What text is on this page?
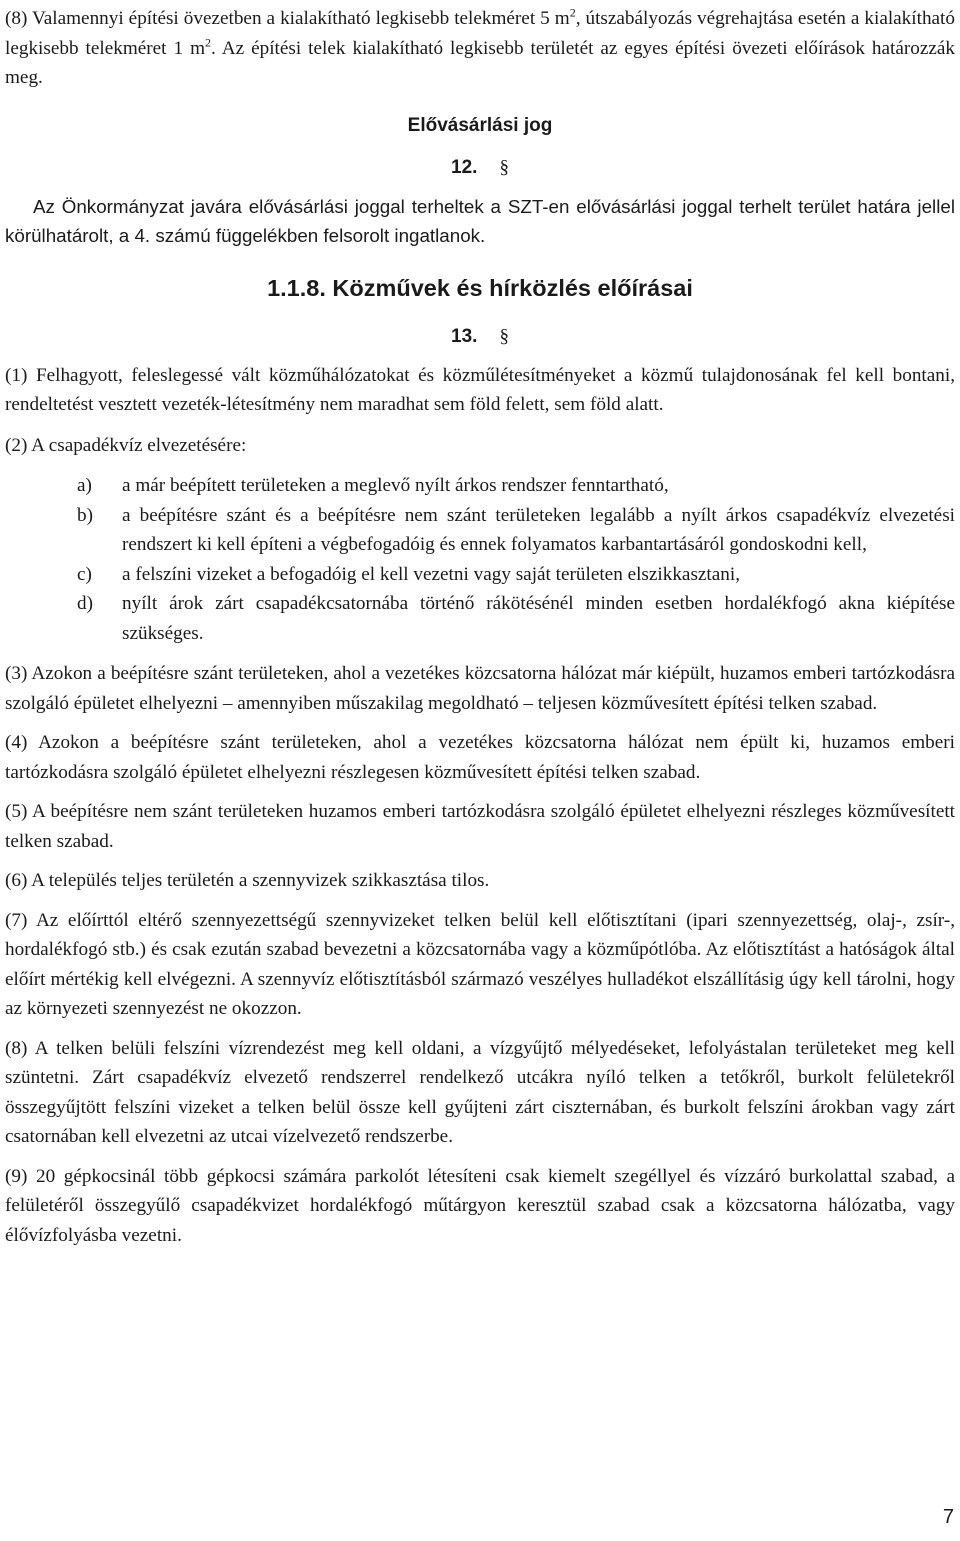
(8) Valamennyi építési övezetben a kialakítható legkisebb telekméret 5 $m^2$, útszabályozás végrehajtása esetén a kialakítható legkisebb telekméret 1 $m^2$. Az építési telek kialakítható legkisebb területét az egyes építési övezeti előírások határozzák meg.

Elővásárlási jog
12. §

Az Önkormányzat javára elővásárlási joggal terheltek a SZT-en elővásárlási joggal terhelt terület határa jellel körülhatárolt, a 4. számú függelékben felsorolt ingatlanok.

1.1.8. Közművek és hírközlés előírásai
13. §

(1) Felhagyott, feleslegessé vált közműhálózatokat és közműlétesítményeket a közmű tulajdonosának fel kell bontani, rendeltetést vesztett vezeték-létesítmény nem maradhat sem föld felett, sem föld alatt.

(2) A csapadékvíz elvezetésére:

a)	a már beépített területeken a meglevő nyílt árkos rendszer fenntartható,
b)	a beépítésre szánt és a beépítésre nem szánt területeken legalább a nyílt árkos csapadékvíz elvezetési rendszert ki kell építeni a végbefogadóig és ennek folyamatos karbantartásáról gondoskodni kell,
c)	a felszíni vizeket a befogadóig el kell vezetni vagy saját területen elszikkasztani,
d)	nyílt árok zárt csapadékcsatornába történő rákötésénél minden esetben hordalékfogó akna kiépítése szükséges.

(3) Azokon a beépítésre szánt területeken, ahol a vezetékes közcsatorna hálózat már kiépült, huzamos emberi tartózkodásra szolgáló épületet elhelyezni – amennyiben műszakilag megoldható – teljesen közművesített építési telken szabad.

(4) Azokon a beépítésre szánt területeken, ahol a vezetékes közcsatorna hálózat nem épült ki, huzamos emberi tartózkodásra szolgáló épületet elhelyezni részlegesen közművesített építési telken szabad.

(5) A beépítésre nem szánt területeken huzamos emberi tartózkodásra szolgáló épületet elhelyezni részleges közművesített telken szabad.

(6) A település teljes területén a szennyvizek szikkasztása tilos.

(7) Az előírttól eltérő szennyezettségű szennyvizeket telken belül kell előtisztítani (ipari szennyezettség, olaj-, zsír-, hordalékfogó stb.) és csak ezután szabad bevezetni a közcsatornába vagy a közműpótlóba. Az előtisztítást a hatóságok által előírt mértékig kell elvégezni. A szennyvíz előtisztításból származó veszélyes hulladékot elszállításig úgy kell tárolni, hogy az környezeti szennyezést ne okozzon.

(8) A telken belüli felszíni vízrendezést meg kell oldani, a vízgyűjtő mélyedéseket, lefolyástalan területeket meg kell szüntetni. Zárt csapadékvíz elvezető rendszerrel rendelkező utcákra nyíló telken a tetőkről, burkolt felületekről összegyűjtött felszíni vizeket a telken belül össze kell gyűjteni zárt ciszternában, és burkolt felszíni árokban vagy zárt csatornában kell elvezetni az utcai vízelvezető rendszerbe.

(9) 20 gépkocsinál több gépkocsi számára parkolót létesíteni csak kiemelt szegéllyel és vízzáró burkolattal szabad, a felületéről összegyűlő csapadékvizet hordalékfogó műtárgyon keresztül szabad csak a közcsatorna hálózatba, vagy élővízfolyásba vezetni.

7
